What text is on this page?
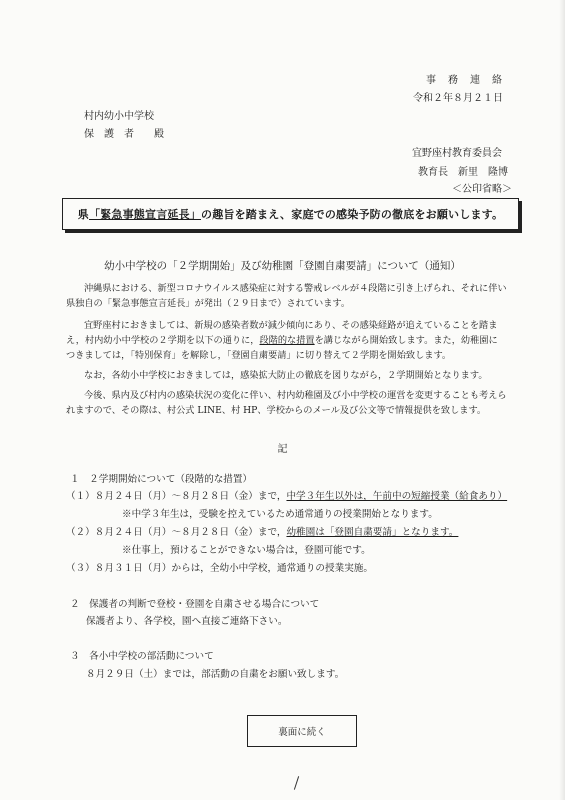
事　務　連　絡
令和２年８月２１日
村内幼小中学校
保　護　者　　殿
宜野座村教育委員会
教育長　新里　隆博
＜公印省略＞
県 「緊急事態宣言延長」 の趣旨を踏まえ、家庭での感染予防の徹底をお願いします。
幼小中学校の「２学期開始」及び幼稚園「登園自粛要請」について（通知）
沖縄県における、新型コロナウイルス感染症に対する警戒レベルが４段階に引き上げられ、それに伴い
県独自の「緊急事態宣言延長」が発出（２９日まで）されています。
宜野座村におきましては、新規の感染者数が減少傾向にあり、その感染経路が追えていることを踏ま
え，村内幼小中学校の２学期を以下の通りに，段階的な措置を講じながら開始致します。また，幼稚園に
つきましては，「特別保育」を解除し，「登園自粛要請」に切り替えて２学期を開始致します。
なお，各幼小中学校におきましては，感染拡大防止の徹底を図りながら，２学期開始となります。
今後、県内及び村内の感染状況の変化に伴い、村内幼稚園及び小中学校の運営を変更することも考えら
れますので、その際は、村公式 LINE、村 HP、学校からのメール及び公文等で情報提供を致します。
記
１　２学期開始について（段階的な措置）
（１）８月２４日（月）～８月２８日（金）まで，中学３年生以外は，午前中の短縮授業（給食あり）
※中学３年生は，受験を控えているため通常通りの授業開始となります。
（２）８月２４日（月）～８月２８日（金）まで，幼稚園は「登園自粛要請」となります。
※仕事上，預けることができない場合は，登園可能です。
（３）８月３１日（月）からは，全幼小中学校，通常通りの授業実施。
２　保護者の判断で登校・登園を自粛させる場合について
保護者より、各学校，園へ直接ご連絡下さい。
３　各小中学校の部活動について
８月２９日（土）までは，部活動の自粛をお願い致します。
裏面に続く
